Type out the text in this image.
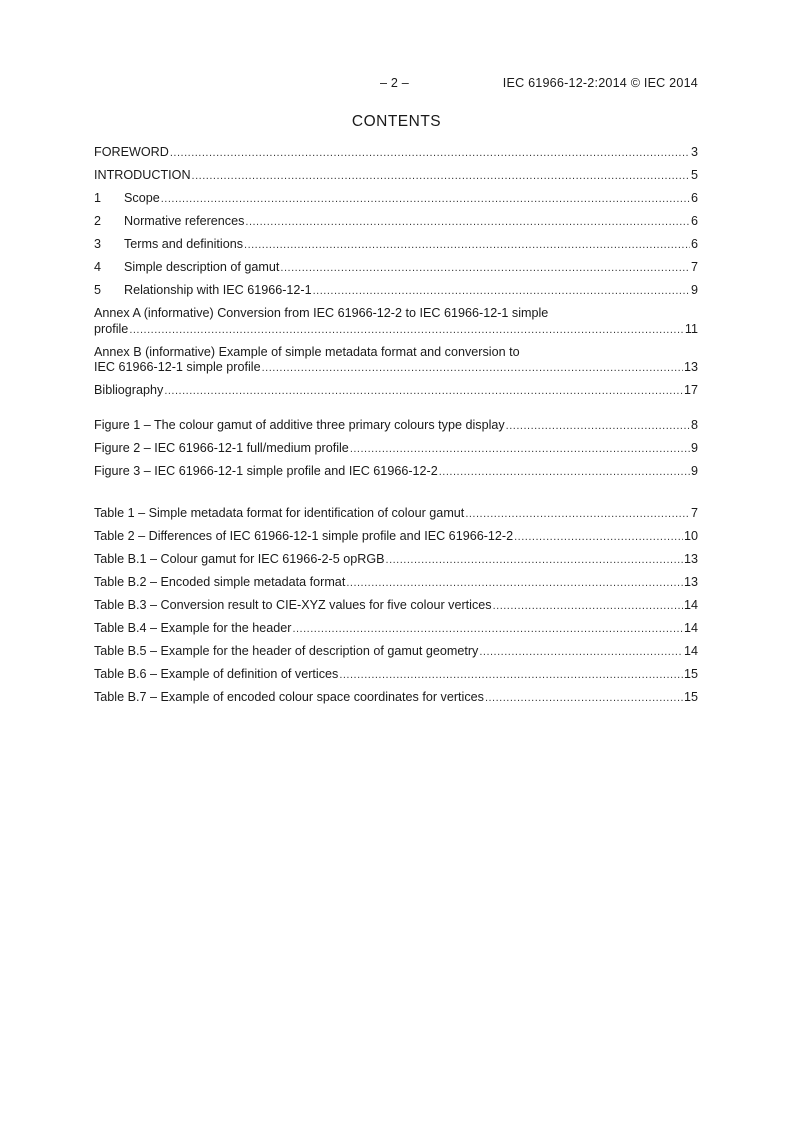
– 2 –	IEC 61966-12-2:2014 © IEC 2014
CONTENTS
FOREWORD .....	3
INTRODUCTION .....	5
1	Scope .....	6
2	Normative references .....	6
3	Terms and definitions .....	6
4	Simple description of gamut .....	7
5	Relationship with IEC 61966-12-1 .....	9
Annex A (informative) Conversion from IEC 61966-12-2 to IEC 61966-12-1 simple
profile .....	11
Annex B (informative) Example of simple metadata format and conversion to
IEC 61966-12-1 simple profile .....	13
Bibliography .....	17
Figure 1 – The colour gamut of additive three primary colours type display .....	8
Figure 2 – IEC 61966-12-1 full/medium profile .....	9
Figure 3 – IEC 61966-12-1 simple profile and IEC 61966-12-2 .....	9
Table 1 – Simple metadata format for identification of colour gamut .....	7
Table 2 – Differences of IEC 61966-12-1 simple profile and IEC 61966-12-2 .....	10
Table B.1 – Colour gamut for IEC 61966-2-5 opRGB .....	13
Table B.2 – Encoded simple metadata format .....	13
Table B.3 – Conversion result to CIE-XYZ values for five colour vertices .....	14
Table B.4 – Example for the header .....	14
Table B.5 – Example for the header of description of gamut geometry .....	14
Table B.6 – Example of definition of vertices .....	15
Table B.7 – Example of encoded colour space coordinates for vertices .....	15
